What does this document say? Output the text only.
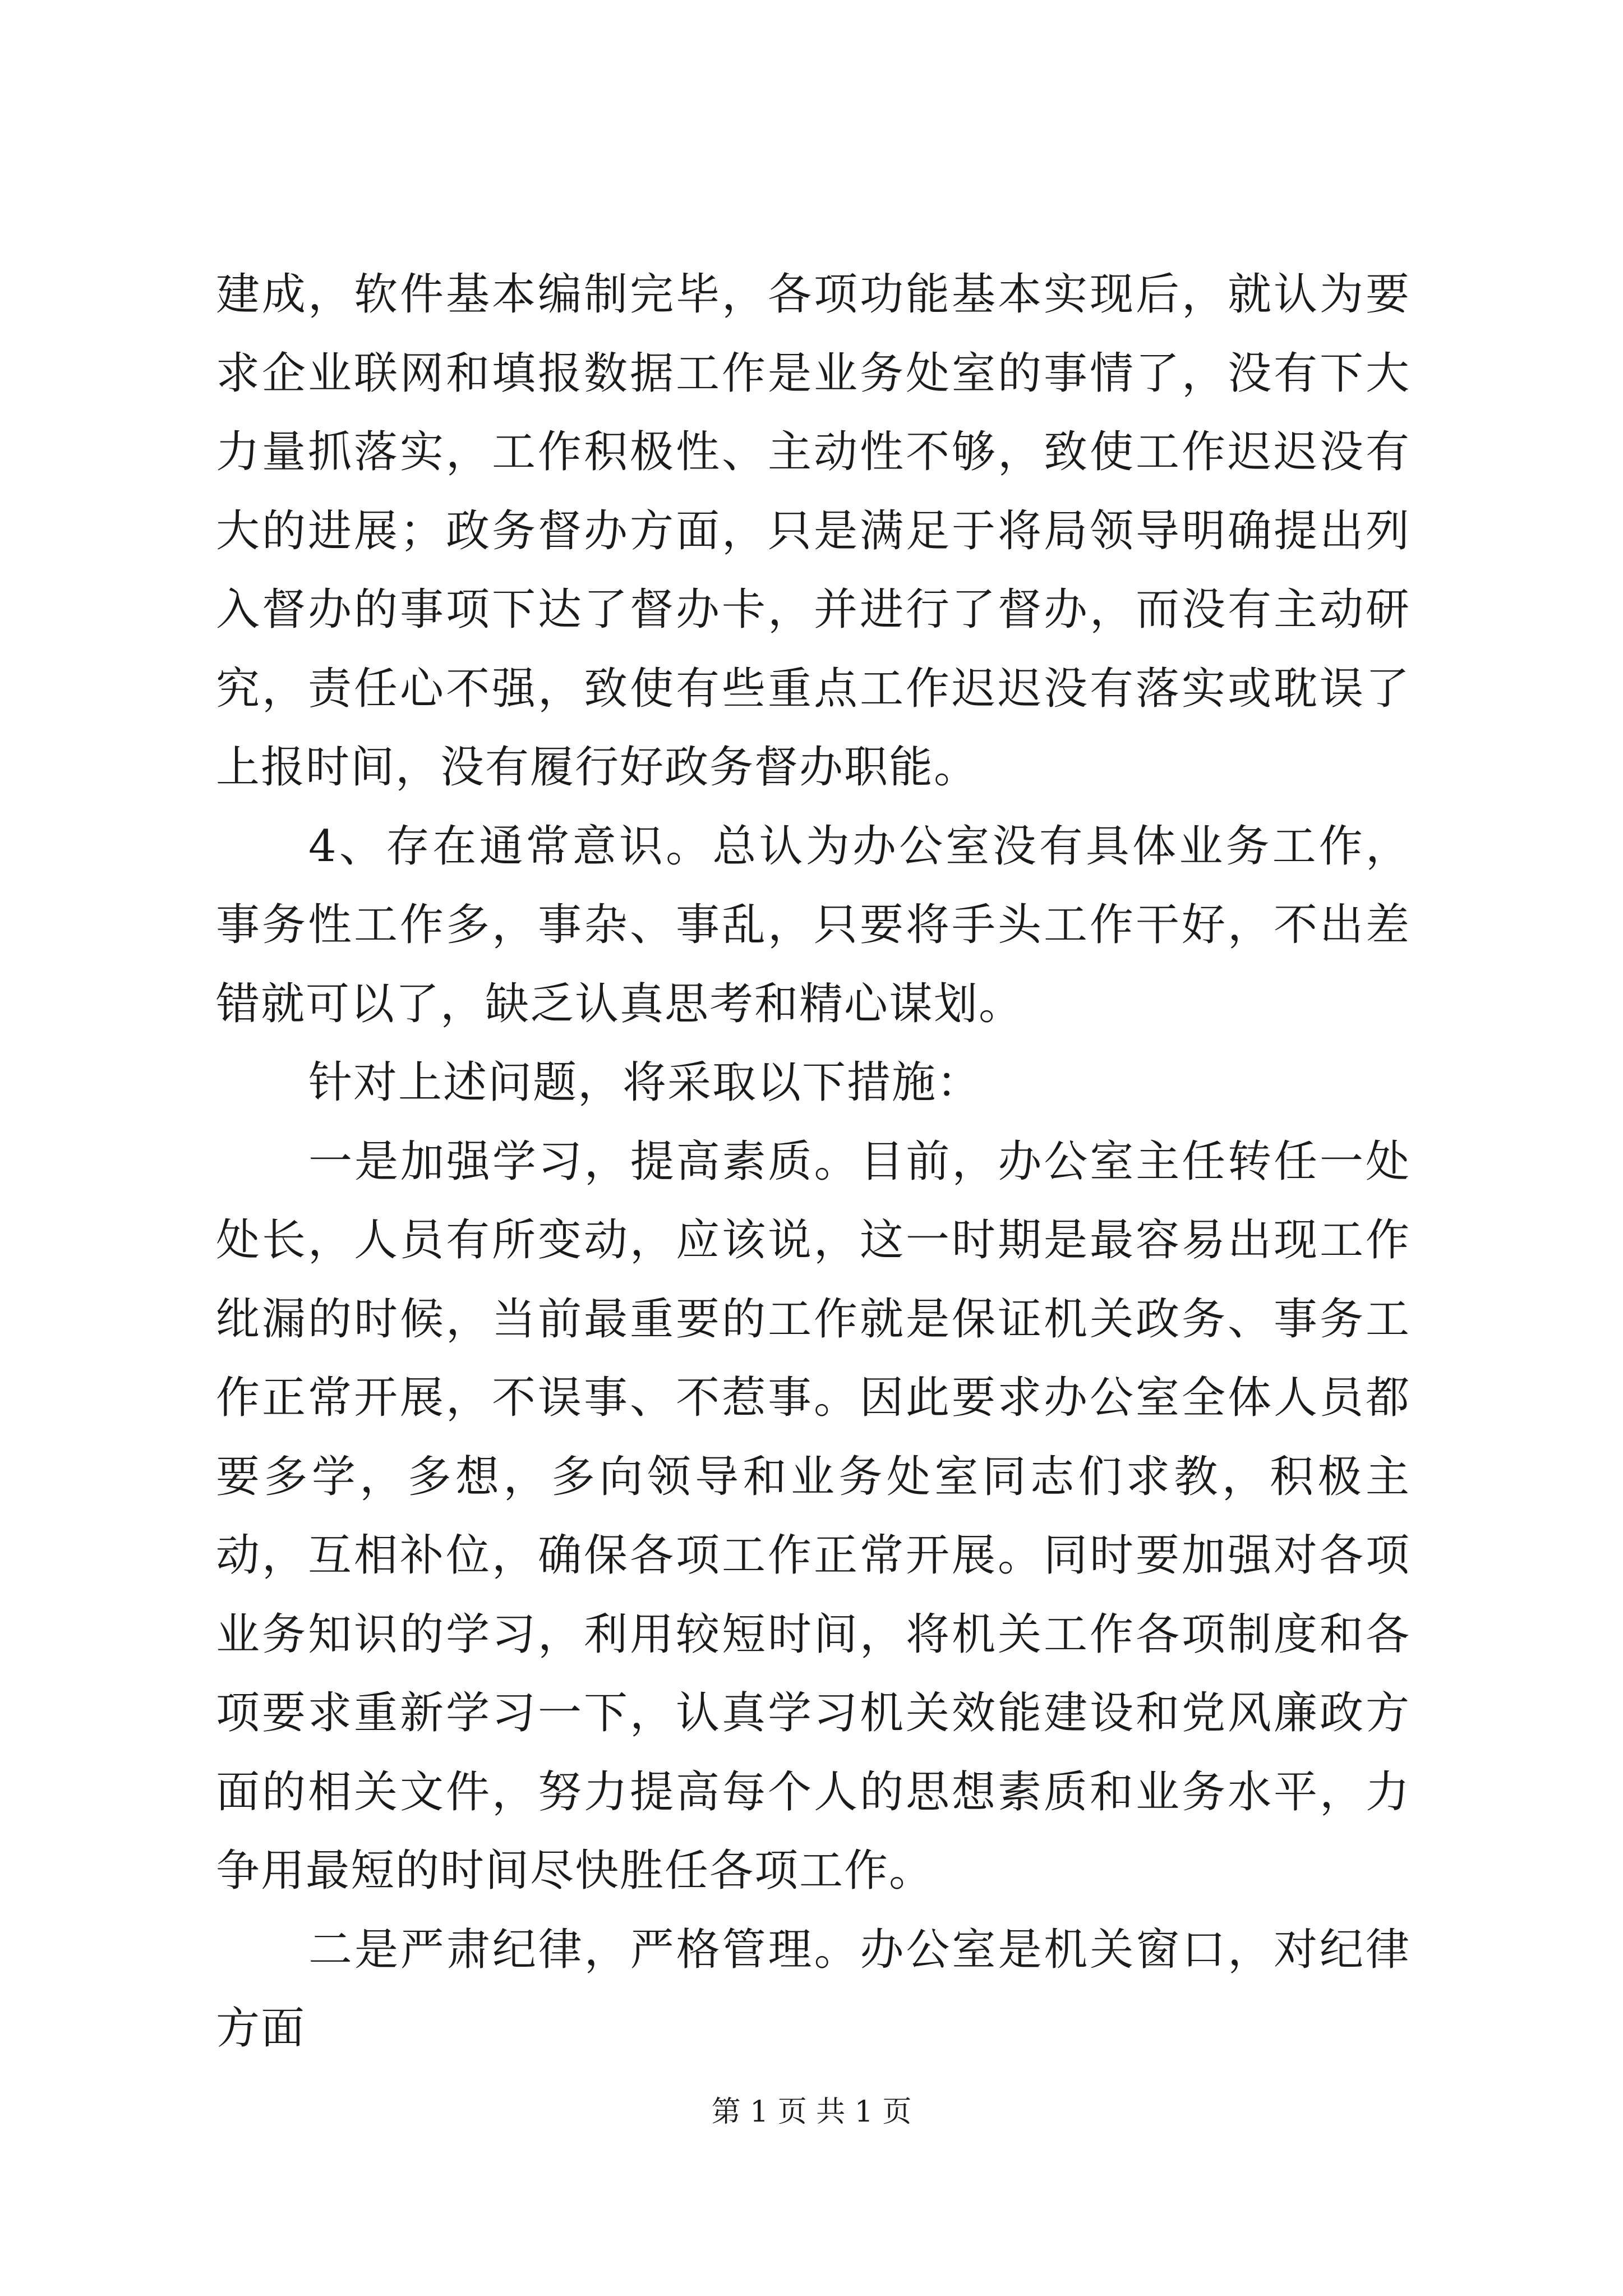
建成，软件基本编制完毕，各项功能基本实现后，就认为要求企业联网和填报数据工作是业务处室的事情了，没有下大力量抓落实，工作积极性、主动性不够，致使工作迟迟没有大的进展；政务督办方面，只是满足于将局领导明确提出列入督办的事项下达了督办卡，并进行了督办，而没有主动研究，责任心不强，致使有些重点工作迟迟没有落实或耽误了上报时间，没有履行好政务督办职能。

4、存在通常意识。总认为办公室没有具体业务工作，事务性工作多，事杂、事乱，只要将手头工作干好，不出差错就可以了，缺乏认真思考和精心谋划。

针对上述问题，将采取以下措施：

一是加强学习，提高素质。目前，办公室主任转任一处处长，人员有所变动，应该说，这一时期是最容易出现工作纰漏的时候，当前最重要的工作就是保证机关政务、事务工作正常开展，不误事、不惹事。因此要求办公室全体人员都要多学，多想，多向领导和业务处室同志们求教，积极主动，互相补位，确保各项工作正常开展。同时要加强对各项业务知识的学习，利用较短时间，将机关工作各项制度和各项要求重新学习一下，认真学习机关效能建设和党风廉政方面的相关文件，努力提高每个人的思想素质和业务水平，力争用最短的时间尽快胜任各项工作。

二是严肃纪律，严格管理。办公室是机关窗口，对纪律方面

第 1 页 共 1 页
